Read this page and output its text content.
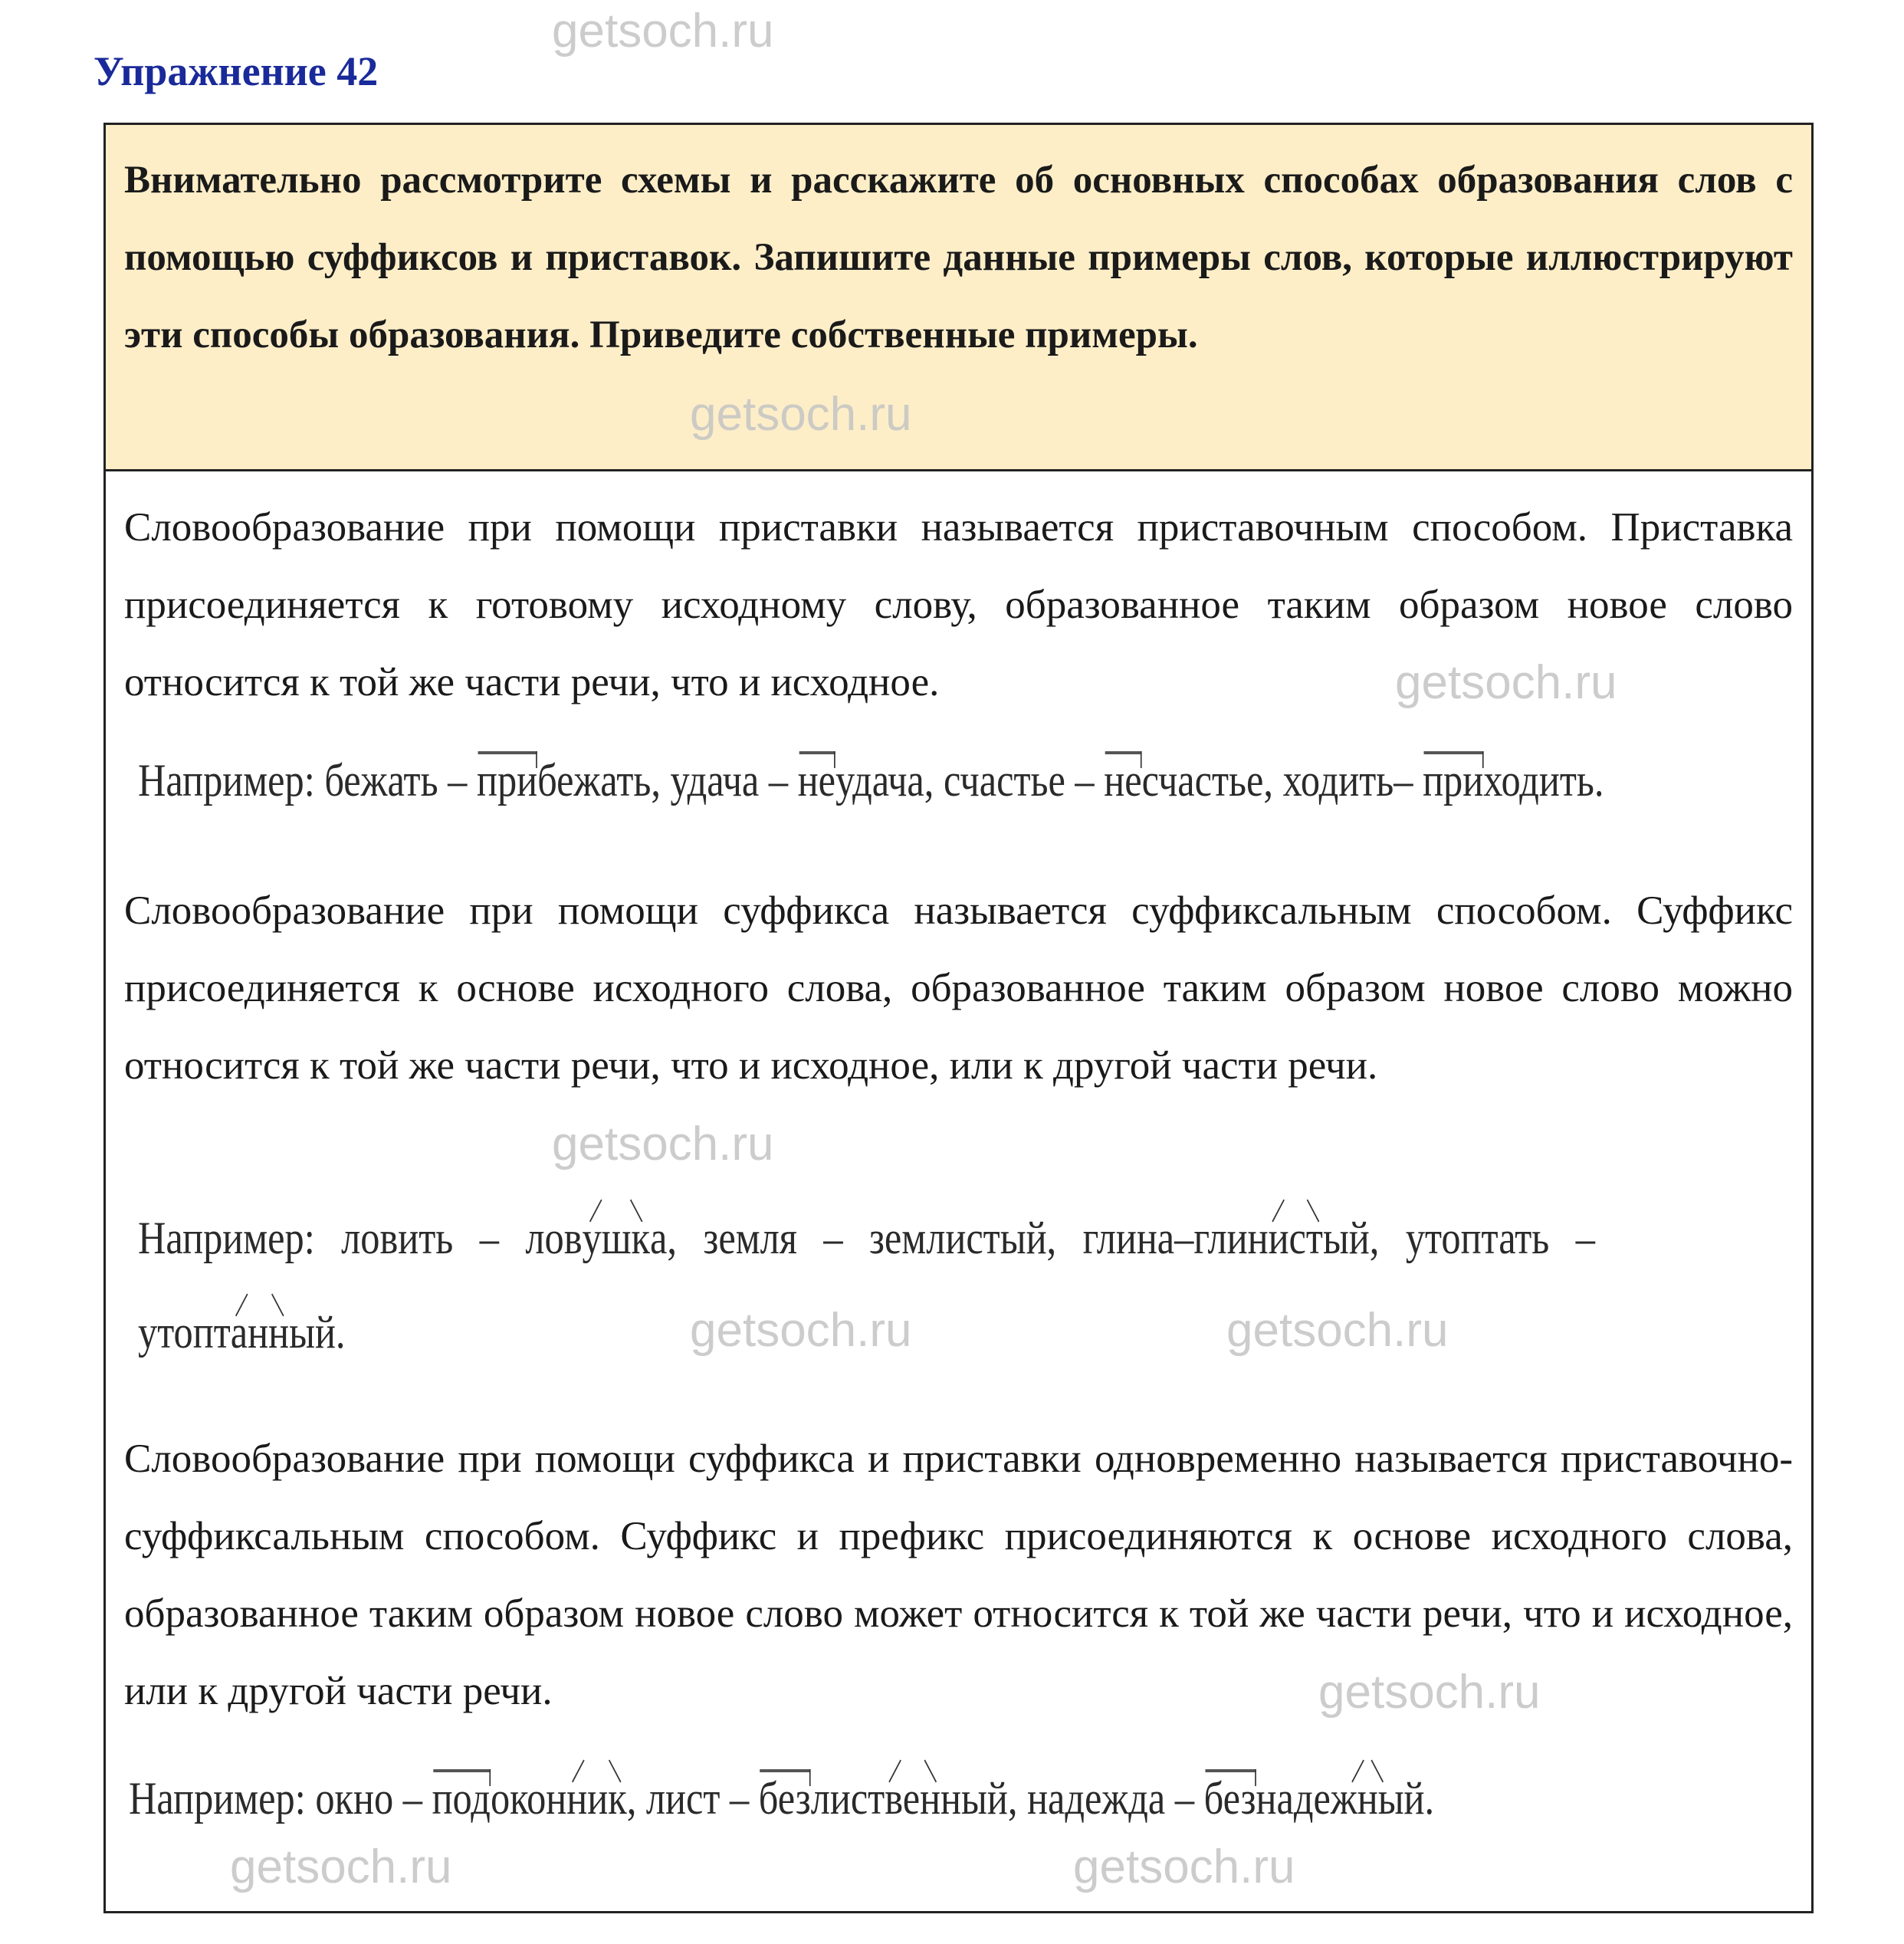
Упражнение 42

Внимательно рассмотрите схемы и расскажите об основных способах образования слов с помощью суффиксов и приставок. Запишите данные примеры слов, которые иллюстрируют эти способы образования. Приведите собственные примеры.

Словообразование при помощи приставки называется приставочным способом. Приставка присоединяется к готовому исходному слову, образованное таким образом новое слово относится к той же части речи, что и исходное.

Например: бежать – прибежать, удача – неудача, счастье – несчастье, ходить– приходить.

Словообразование при помощи суффикса называется суффиксальным способом. Суффикс присоединяется к основе исходного слова, образованное таким образом новое слово можно относится к той же части речи, что и исходное, или к другой части речи.

Например: ловить – ловушка, земля – землистый, глина–глинистый, утоптать –
утоптанный.

Словообразование при помощи суффикса и приставки одновременно называется приставочно-суффиксальным способом. Суффикс и префикс присоединяются к основе исходного слова, образованное таким образом новое слово может относится к той же части речи, что и исходное, или к другой части речи.

Например: окно – подоконник, лист – безлиственный, надежда – безнадежный.
getsoch.ru
getsoch.ru
getsoch.ru
getsoch.ru
getsoch.ru	getsoch.ru
getsoch.ru
getsoch.ru	getsoch.ru
